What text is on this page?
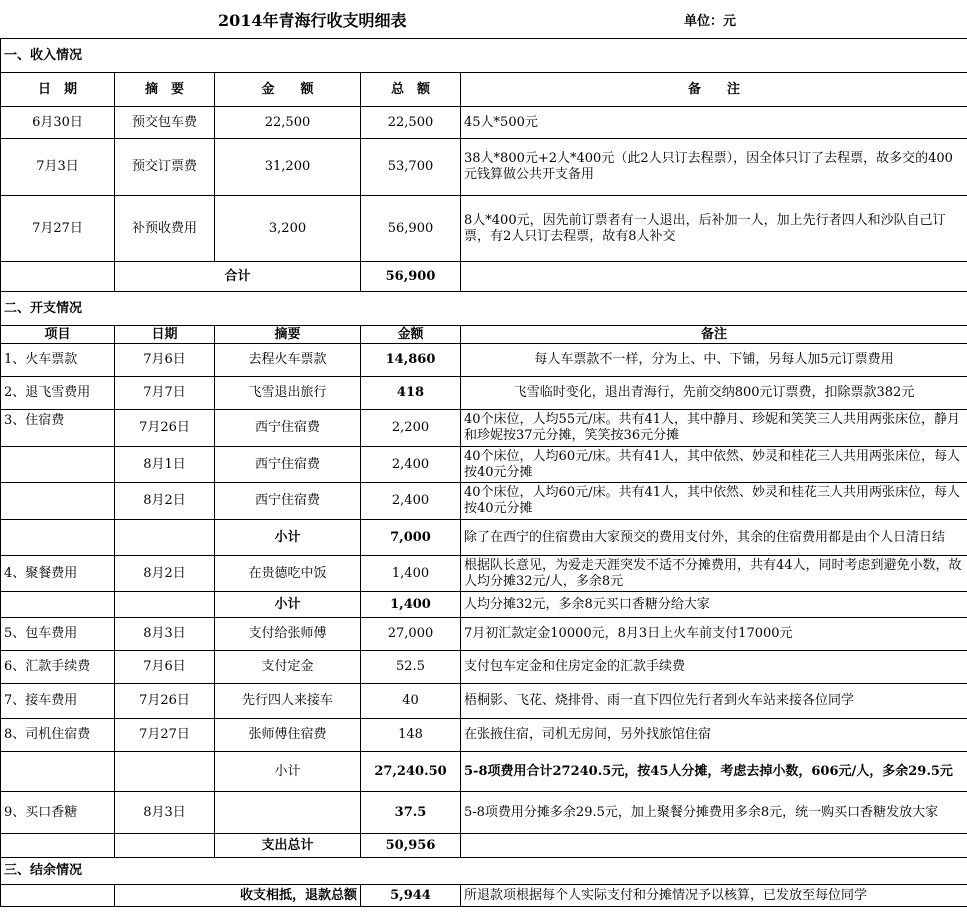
2014年青海行收支明细表	单位：元
一、收入情况				
日　期	摘　要	金　　额	总　额	备　　注
6月30日	预交包车费	22,500	22,500	45人*500元
7月3日	预交订票费	31,200	53,700	38人*800元+2人*400元（此2人只订去程票），因全体只订了去程票，故多交的400元钱算做公共开支备用
7月27日	补预收费用	3,200	56,900	8人*400元，因先前订票者有一人退出，后补加一人，加上先行者四人和沙队自己订票，有2人只订去程票，故有8人补交
	合计		56,900	
二、开支情况				
项目	日期	摘要	金额	备注
1、火车票款	7月6日	去程火车票款	14,860	每人车票款不一样，分为上、中、下铺，另每人加5元订票费用
2、退飞雪费用	7月7日	飞雪退出旅行	418	飞雪临时变化，退出青海行，先前交纳800元订票费，扣除票款382元
3、住宿费	7月26日	西宁住宿费	2,200	40个床位，人均55元/床。共有41人，其中静月、珍妮和笑笑三人共用两张床位，静月和珍妮按37元分摊，笑笑按36元分摊
	8月1日	西宁住宿费	2,400	40个床位，人均60元/床。共有41人，其中依然、妙灵和桂花三人共用两张床位，每人按40元分摊
	8月2日	西宁住宿费	2,400	40个床位，人均60元/床。共有41人，其中依然、妙灵和桂花三人共用两张床位，每人按40元分摊
		小计	7,000	除了在西宁的住宿费由大家预交的费用支付外，其余的住宿费用都是由个人日清日结
4、聚餐费用	8月2日	在贵德吃中饭	1,400	根据队长意见，为爱走天涯突发不适不分摊费用，共有44人，同时考虑到避免小数，故人均分摊32元/人，多余8元
		小计	1,400	人均分摊32元，多余8元买口香糖分给大家
5、包车费用	8月3日	支付给张师傅	27,000	7月初汇款定金10000元，8月3日上火车前支付17000元
6、汇款手续费	7月6日	支付定金	52.5	支付包车定金和住房定金的汇款手续费
7、接车费用	7月26日	先行四人来接车	40	梧桐影、飞花、烧排骨、雨一直下四位先行者到火车站来接各位同学
8、司机住宿费	7月27日	张师傅住宿费	148	在张掖住宿，司机无房间，另外找旅馆住宿
		小计	27,240.50	5-8项费用合计27240.5元，按45人分摊，考虑去掉小数，606元/人，多余29.5元
9、买口香糖	8月3日		37.5	5-8项费用分摊多余29.5元，加上聚餐分摊费用多余8元，统一购买口香糖发放大家
		支出总计	50,956	
三、结余情况				
	收支相抵，退款总额		5,944	所退款项根据每个人实际支付和分摊情况予以核算，已发放至每位同学
